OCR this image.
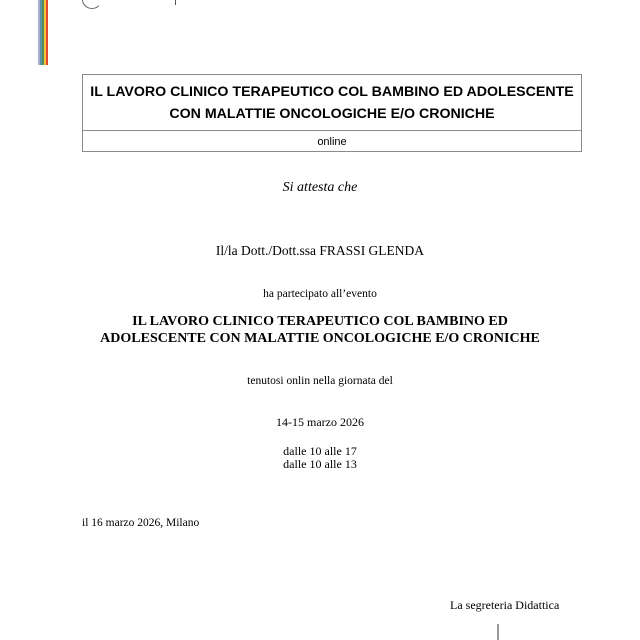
IL LAVORO CLINICO TERAPEUTICO COL BAMBINO ED ADOLESCENTE CON MALATTIE ONCOLOGICHE E/O CRONICHE
online
Si attesta che
Il/la Dott./Dott.ssa FRASSI GLENDA
ha partecipato all’evento
IL LAVORO CLINICO TERAPEUTICO COL BAMBINO ED
ADOLESCENTE CON MALATTIE ONCOLOGICHE E/O CRONICHE
tenutosi onlin nella giornata del
14-15 marzo 2026
dalle 10 alle 17
dalle 10 alle 13
il 16 marzo 2026, Milano
La segreteria Didattica
